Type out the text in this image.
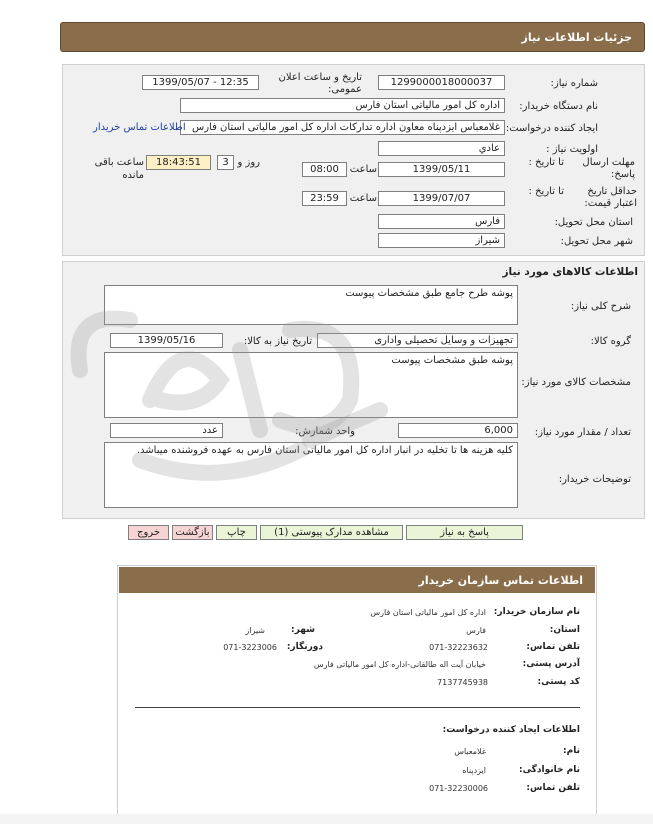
جزئیات اطلاعات نیاز
شماره نیاز:
1299000018000037
تاریخ و ساعت اعلان عمومی:
1399/05/07 - 12:35
نام دستگاه خریدار:
اداره کل امور مالیاتی استان فارس
ایجاد کننده درخواست:
غلامعباس ایزدپناه معاون اداره تداركات اداره کل امور مالیاتی استان فارس
اطلاعات تماس خریدار
اولویت نیاز :
عادي
مهلت ارسال پاسخ:
تا تاریخ :
1399/05/11
ساعت
08:00
3 روز و
18:43:51
ساعت باقی مانده
حداقل تاریخ اعتبار قیمت:
تا تاریخ :
1399/07/07
ساعت
23:59
استان محل تحویل:
فارس
شهر محل تحویل:
شیراز
اطلاعات کالاهای مورد نیاز
شرح کلی نیاز:
پوشه طرح جامع طبق مشخصات پیوست
گروه کالا:
تجهیزات و وسایل تحصیلی واداری
تاریخ نیاز به کالا:
1399/05/16
مشخصات کالای مورد نیاز:
پوشه طبق مشخصات پیوست
تعداد / مقدار مورد نیاز:
6,000
واحد شمارش:
عدد
توضیحات خریدار:
کلیه هزینه ها تا تخلیه در انبار اداره کل امور مالیاتی استان فارس به عهده فروشنده میباشد.
پاسخ به نیاز
مشاهده مدارک پیوستی (1)
چاپ
بازگشت
خروج
اطلاعات تماس سازمان خریدار
نام سازمان خریدار:
اداره کل امور مالیاتی استان فارس
استان:
فارس
شهر:
شیراز
تلفن تماس:
071-32223632
دورنگار:
071-3223006
آدرس پستی:
خیابان آیت اله طالقانی-اداره کل امور مالیاتی فارس
کد پستی:
7137745938
اطلاعات ایجاد کننده درخواست:
نام:
غلامعباس
نام خانوادگی:
ایزدپناه
تلفن تماس:
071-32230006
